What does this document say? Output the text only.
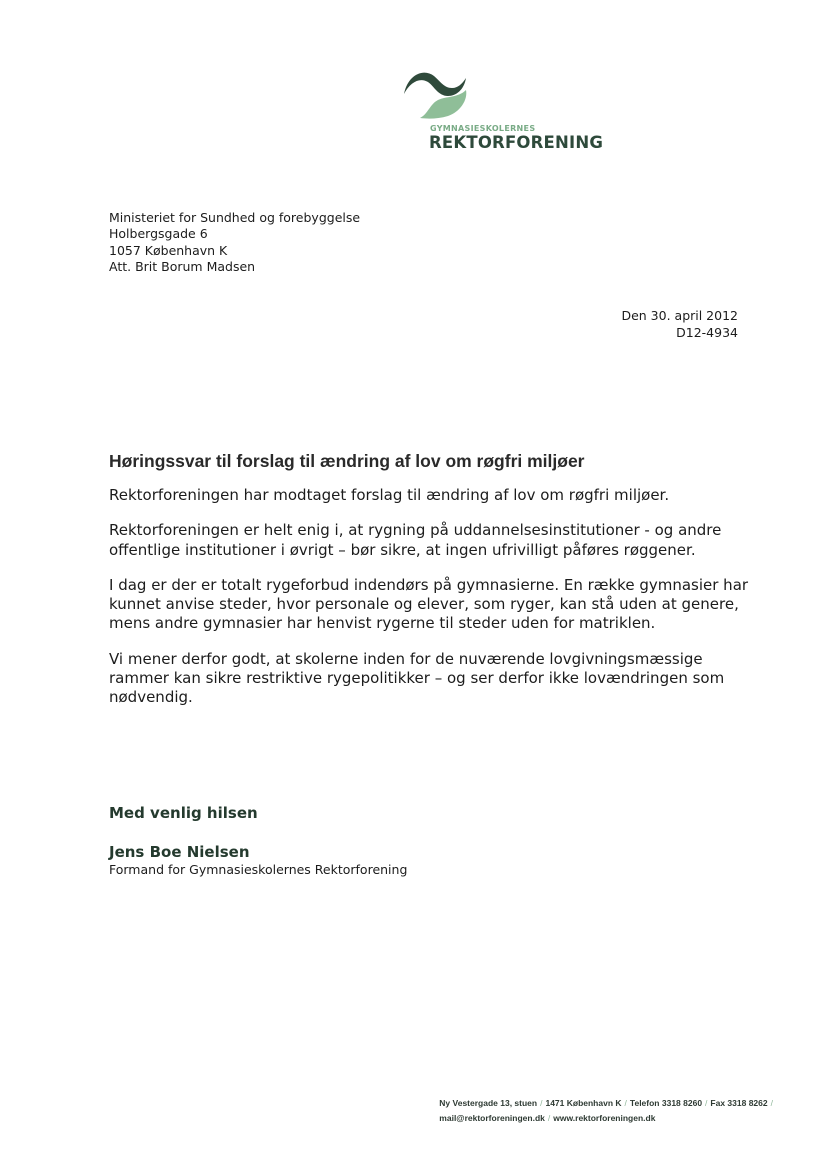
GYMNASIESKOLERNES
REKTORFORENING
Ministeriet for Sundhed og forebyggelse
Holbergsgade 6
1057 København K
Att. Brit Borum Madsen
Den 30. april 2012
D12-4934
Høringssvar til forslag til ændring af lov om røgfri miljøer

Rektorforeningen har modtaget forslag til ændring af lov om røgfri miljøer.

Rektorforeningen er helt enig i, at rygning på uddannelsesinstitutioner - og andre offentlige institutioner i øvrigt – bør sikre, at ingen ufrivilligt påføres røggener.

I dag er der er totalt rygeforbud indendørs på gymnasierne. En række gymnasier har kunnet anvise steder, hvor personale og elever, som ryger, kan stå uden at genere, mens andre gymnasier har henvist rygerne til steder uden for matriklen.

Vi mener derfor godt, at skolerne inden for de nuværende lovgivningsmæssige rammer kan sikre restriktive rygepolitikker – og ser derfor ikke lovændringen som nødvendig.

Med venlig hilsen
Jens Boe Nielsen
Formand for Gymnasieskolernes Rektorforening
Ny Vestergade 13, stuen / 1471 København K / Telefon 3318 8260 / Fax 3318 8262 /
mail@rektorforeningen.dk / www.rektorforeningen.dk
